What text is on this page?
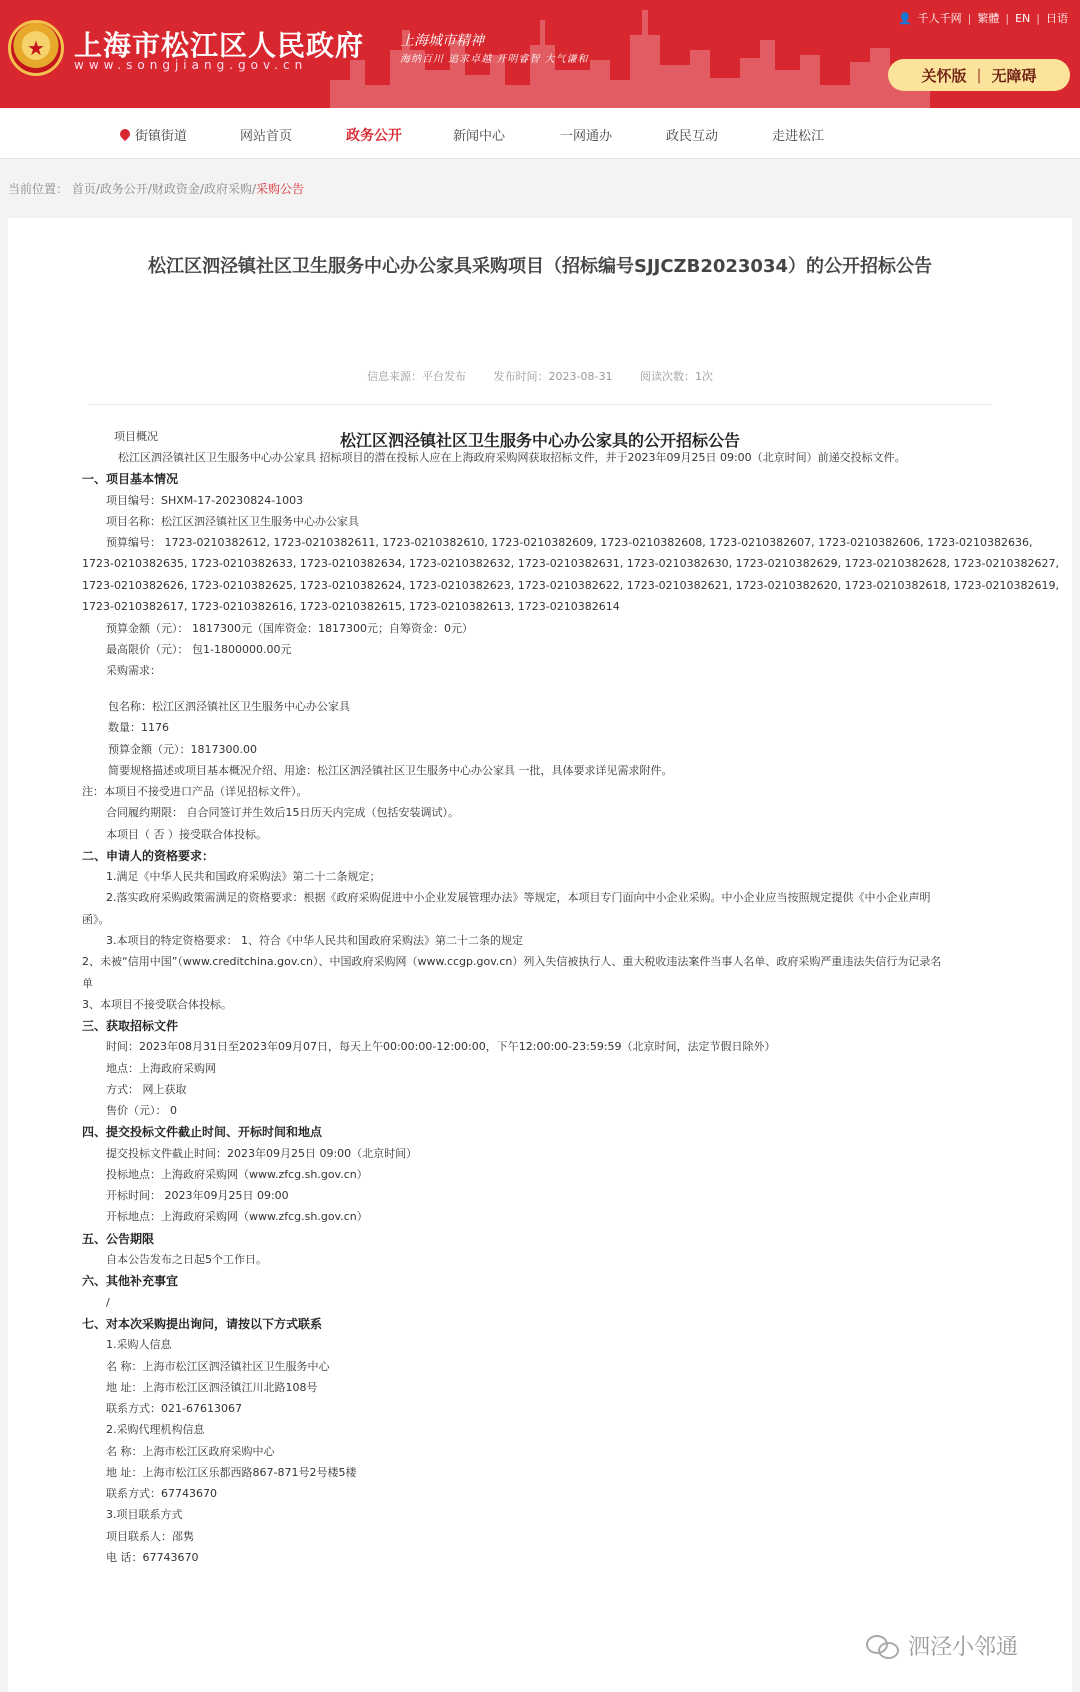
★	上海市松江区人民政府
www.songjiang.gov.cn
上海城市精神
海纳百川 追求卓越 开明睿智 大气谦和
👤 千人千网 | 繁體 | EN | 日语
关怀版 | 无障碍
街镇街道	网站首页	政务公开	新闻中心	一网通办	政民互动	走进松江
当前位置： 首页/政务公开/财政资金/政府采购/采购公告
松江区泗泾镇社区卫生服务中心办公家具采购项目（招标编号SJJCZB2023034）的公开招标公告
信息来源：平台发布	发布时间：2023-08-31	阅读次数：1次
松江区泗泾镇社区卫生服务中心办公家具的公开招标公告
项目概况
松江区泗泾镇社区卫生服务中心办公家具 招标项目的潜在投标人应在上海政府采购网获取招标文件，并于2023年09月25日 09:00（北京时间）前递交投标文件。
一、项目基本情况
项目编号：SHXM-17-20230824-1003
项目名称：松江区泗泾镇社区卫生服务中心办公家具
预算编号： 1723-0210382612, 1723-0210382611, 1723-0210382610, 1723-0210382609, 1723-0210382608, 1723-0210382607, 1723-0210382606, 1723-0210382636,
1723-0210382635, 1723-0210382633, 1723-0210382634, 1723-0210382632, 1723-0210382631, 1723-0210382630, 1723-0210382629, 1723-0210382628, 1723-0210382627,
1723-0210382626, 1723-0210382625, 1723-0210382624, 1723-0210382623, 1723-0210382622, 1723-0210382621, 1723-0210382620, 1723-0210382618, 1723-0210382619,
1723-0210382617, 1723-0210382616, 1723-0210382615, 1723-0210382613, 1723-0210382614
预算金额（元）： 1817300元（国库资金：1817300元；自筹资金：0元）
最高限价（元）： 包1-1800000.00元
采购需求：
包名称：松江区泗泾镇社区卫生服务中心办公家具
数量：1176
预算金额（元）：1817300.00
简要规格描述或项目基本概况介绍、用途：松江区泗泾镇社区卫生服务中心办公家具 一批，具体要求详见需求附件。
注：本项目不接受进口产品（详见招标文件）。
合同履约期限： 自合同签订并生效后15日历天内完成（包括安装调试）。
本项目（ 否 ）接受联合体投标。
二、申请人的资格要求：
1.满足《中华人民共和国政府采购法》第二十二条规定；
2.落实政府采购政策需满足的资格要求：根据《政府采购促进中小企业发展管理办法》等规定，本项目专门面向中小企业采购。中小企业应当按照规定提供《中小企业声明
函》。
3.本项目的特定资格要求： 1、符合《中华人民共和国政府采购法》第二十二条的规定
2、未被“信用中国”（www.creditchina.gov.cn）、中国政府采购网（www.ccgp.gov.cn）列入失信被执行人、重大税收违法案件当事人名单、政府采购严重违法失信行为记录名
单
3、本项目不接受联合体投标。
三、获取招标文件
时间：2023年08月31日至2023年09月07日，每天上午00:00:00-12:00:00，下午12:00:00-23:59:59（北京时间，法定节假日除外）
地点：上海政府采购网
方式： 网上获取
售价（元）： 0
四、提交投标文件截止时间、开标时间和地点
提交投标文件截止时间：2023年09月25日 09:00（北京时间）
投标地点：上海政府采购网（www.zfcg.sh.gov.cn）
开标时间： 2023年09月25日 09:00
开标地点：上海政府采购网（www.zfcg.sh.gov.cn）
五、公告期限
自本公告发布之日起5个工作日。
六、其他补充事宜
/
七、对本次采购提出询问，请按以下方式联系
1.采购人信息
名 称：上海市松江区泗泾镇社区卫生服务中心
地 址：上海市松江区泗泾镇江川北路108号
联系方式：021-67613067
2.采购代理机构信息
名 称：上海市松江区政府采购中心
地 址：上海市松江区乐都西路867-871号2号楼5楼
联系方式：67743670
3.项目联系方式
项目联系人：邵隽
电 话：67743670
泗泾小邻通
